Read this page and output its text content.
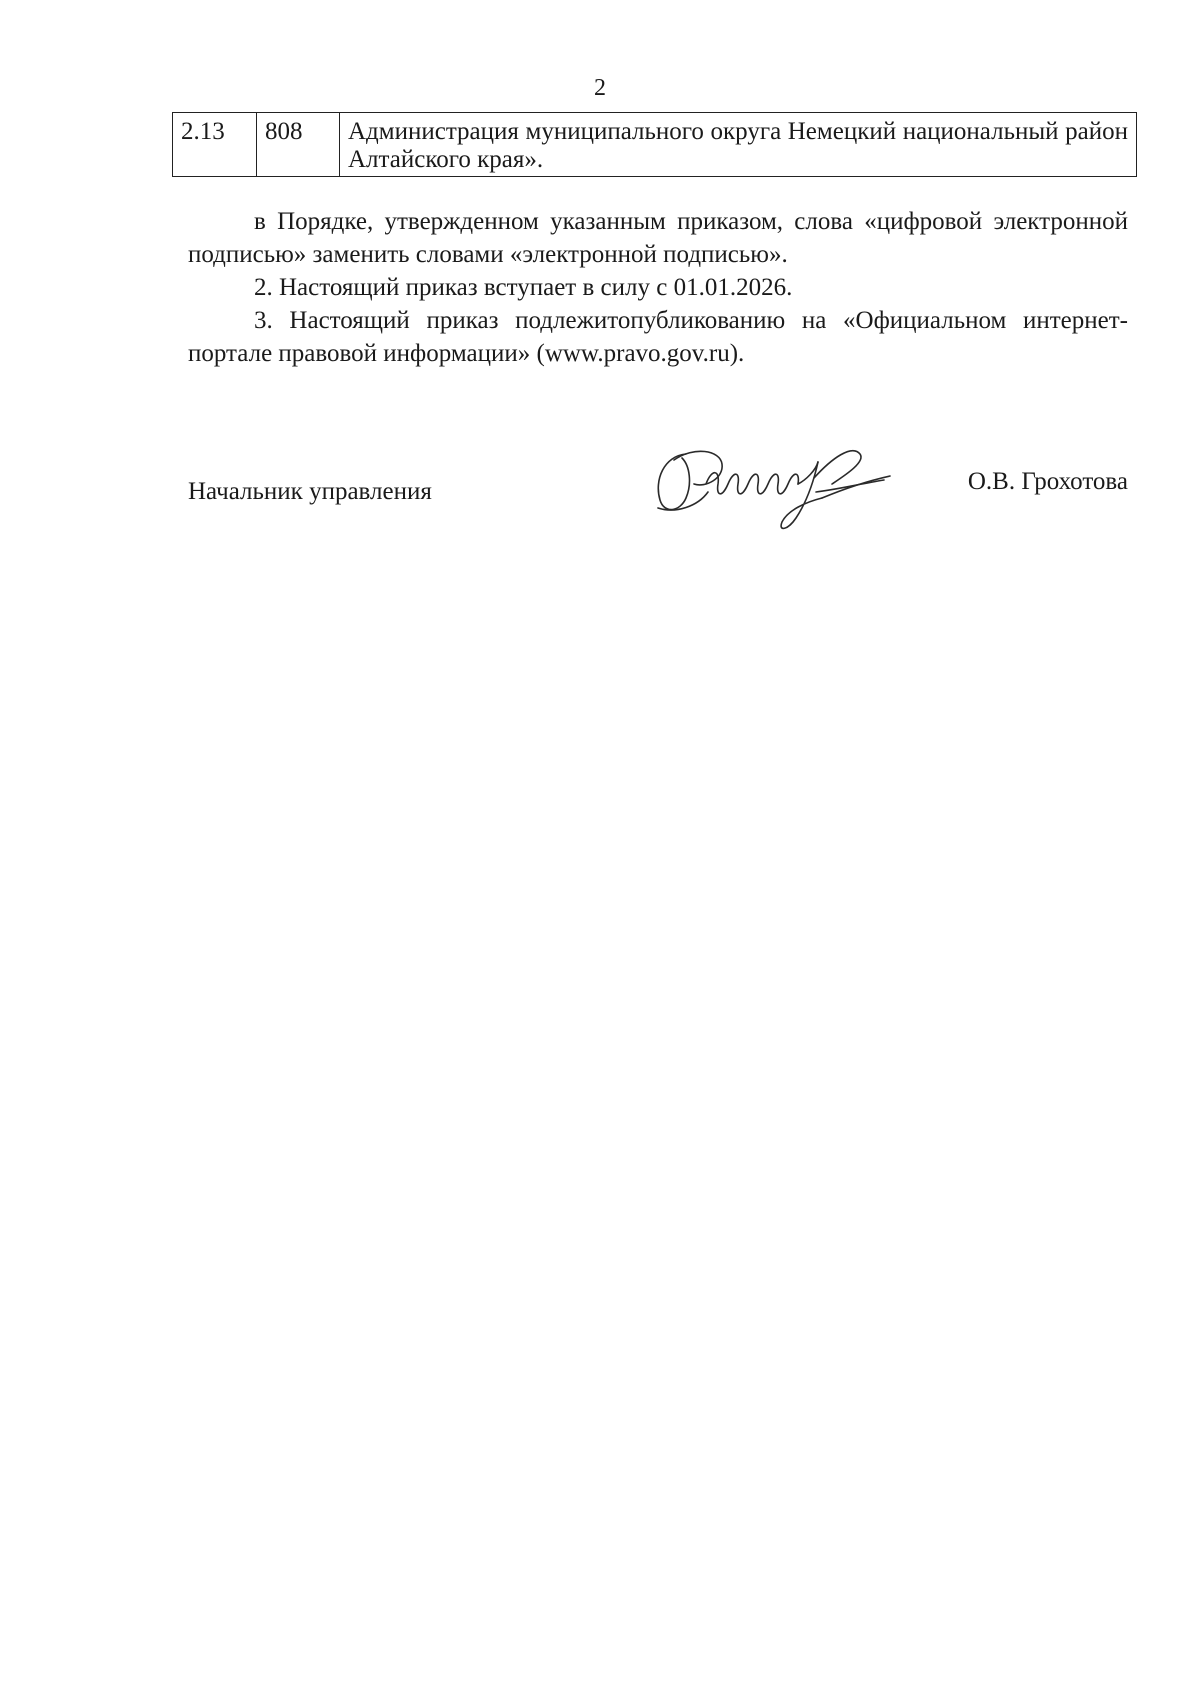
2
2.13	808	Администрация муниципального округа Немецкий национальный район Алтайского края».

в Порядке, утвержденном указанным приказом, слова «цифровой электронной подписью» заменить словами «электронной подписью».

2. Настоящий приказ вступает в силу с 01.01.2026.

3. Настоящий приказ подлежитопубликованию на «Официальном интернет-портале правовой информации» (www.pravo.gov.ru).

Начальник управления	О.В. Грохотова
